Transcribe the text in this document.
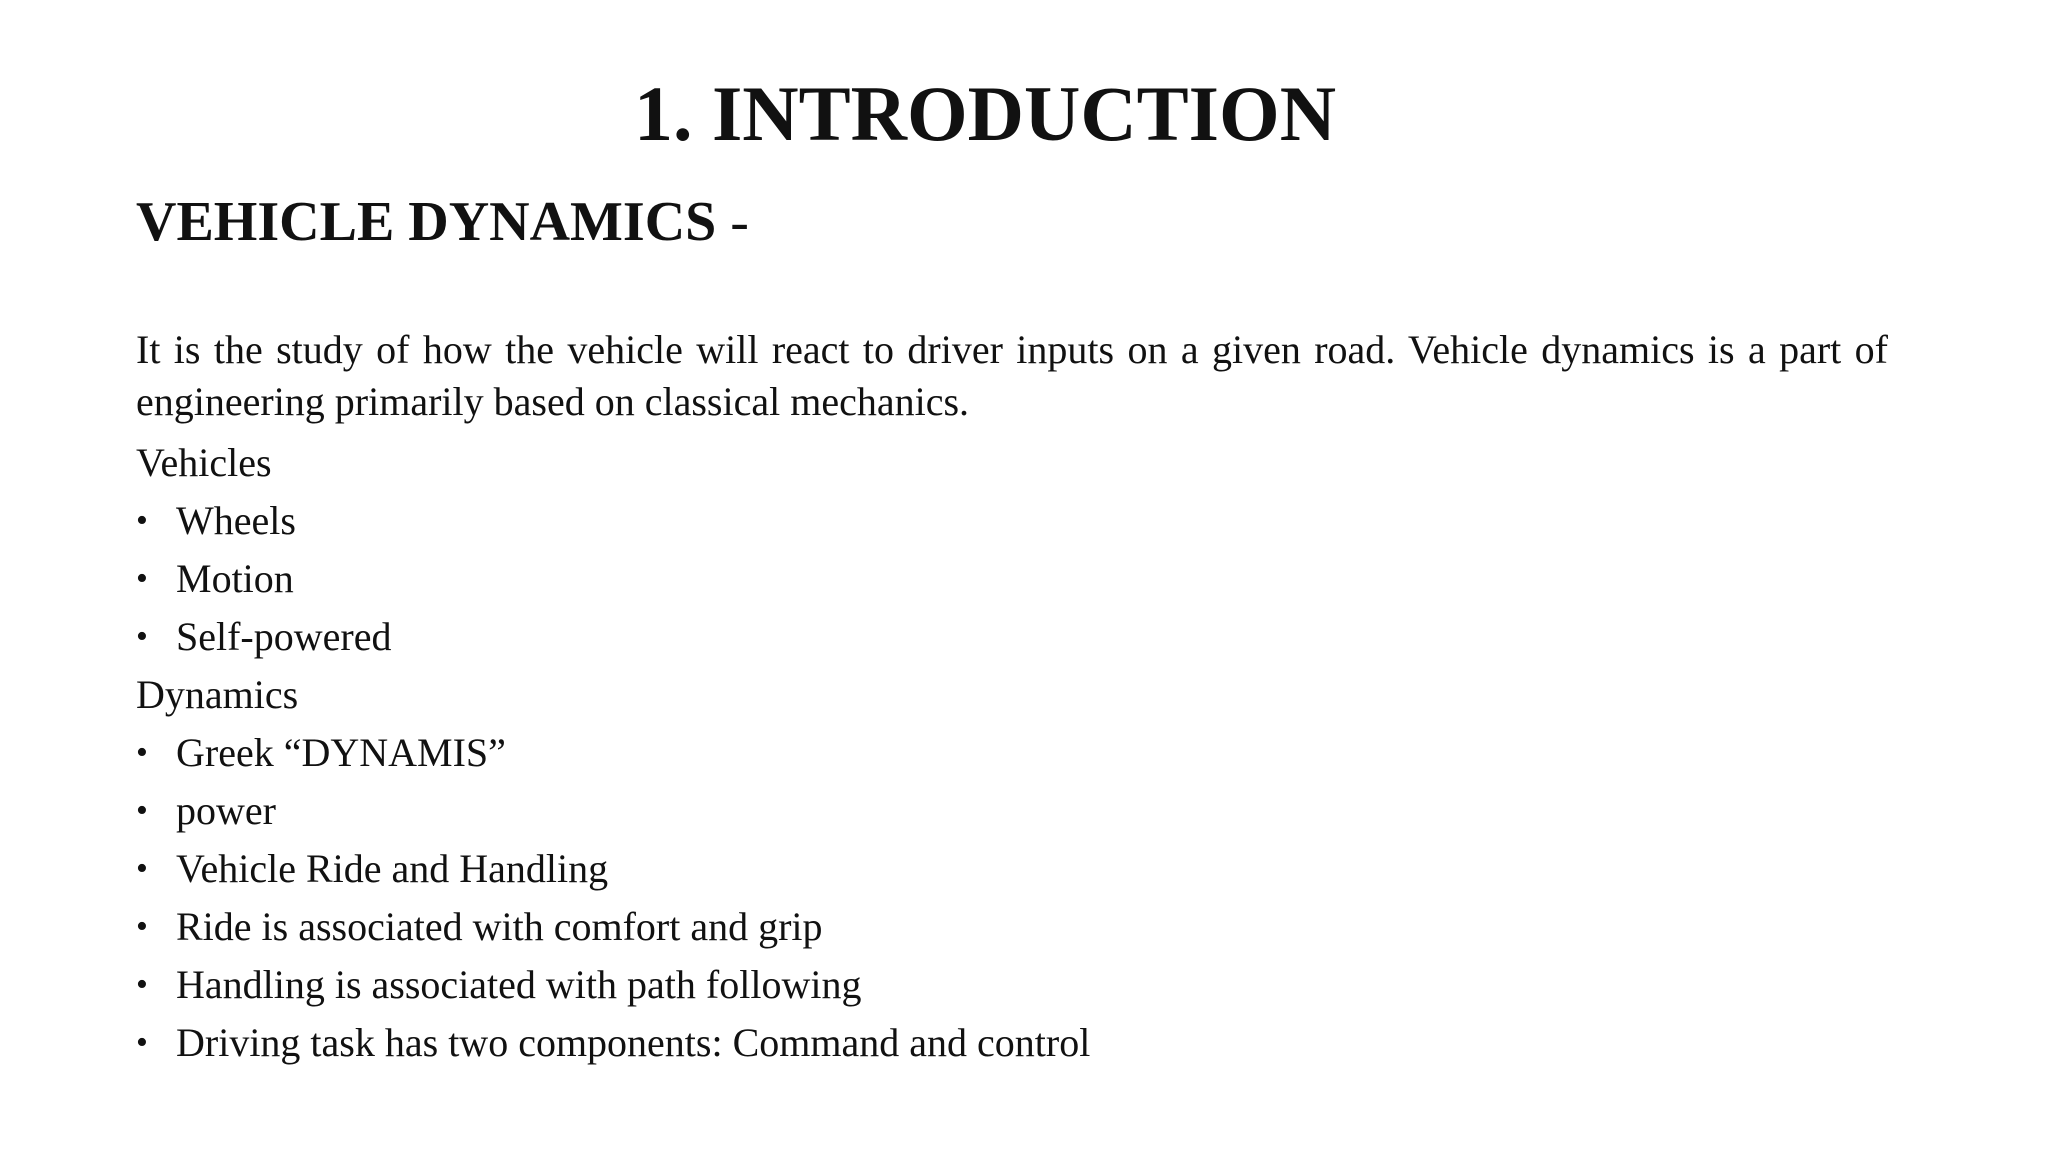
1. INTRODUCTION
VEHICLE DYNAMICS -

It is the study of how the vehicle will react to driver inputs on a given road. Vehicle dynamics is a part of engineering primarily based on classical mechanics.

Vehicles

• Wheels
• Motion
• Self-powered

Dynamics

• Greek “DYNAMIS”
• power
• Vehicle Ride and Handling
• Ride is associated with comfort and grip
• Handling is associated with path following
• Driving task has two components: Command and control
